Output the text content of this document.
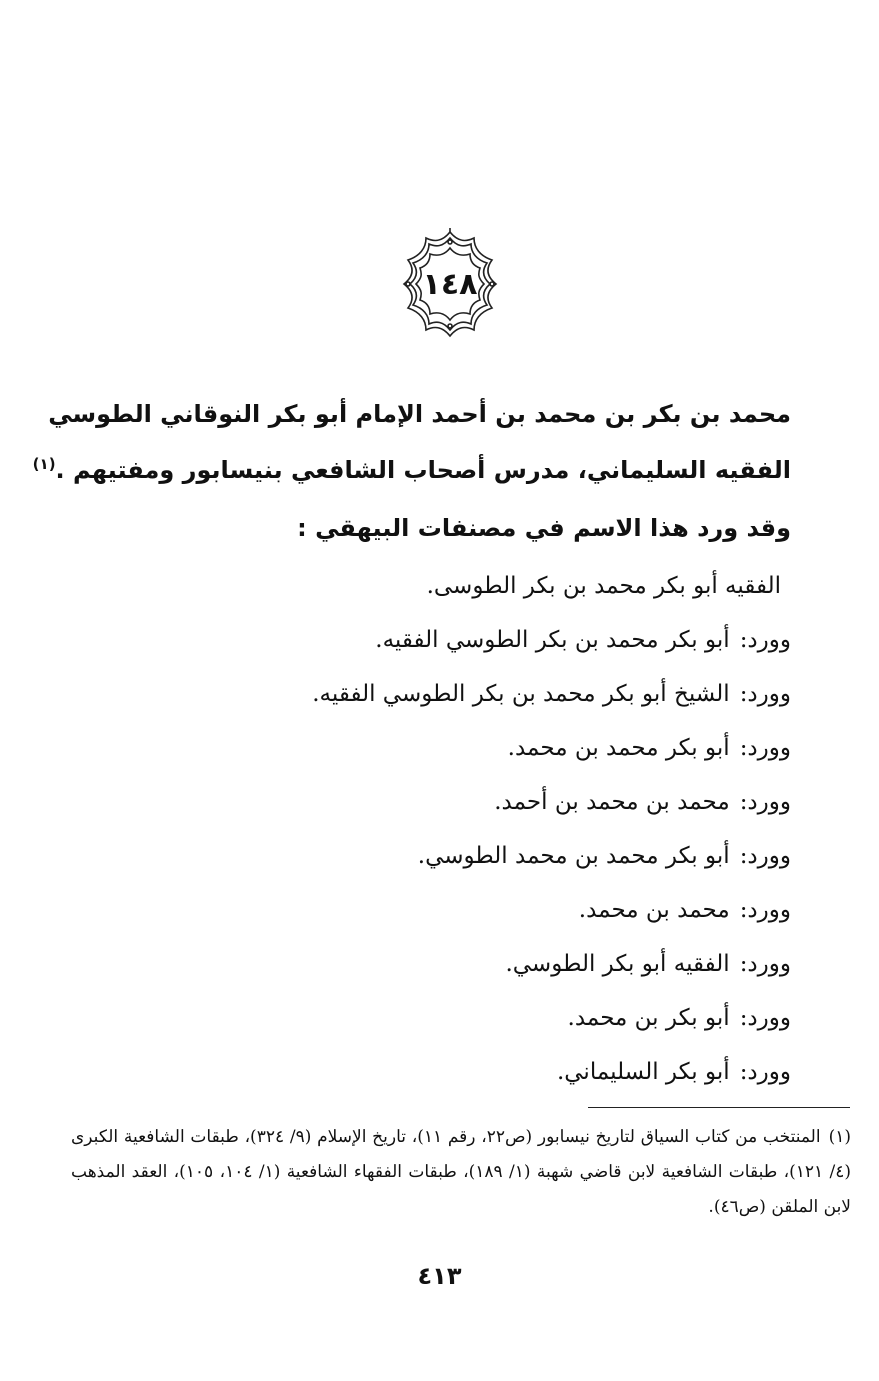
١٤٨
محمد بن بكر بن محمد بن أحمد الإمام أبو بكر النوقاني الطوسي
الفقيه السليماني، مدرس أصحاب الشافعي بنيسابور ومفتيهم .$^{(١)}$
وقد ورد هذا الاسم في مصنفات البيهقي :
الفقيه أبو بكر محمد بن بكر الطوسى.
وورد:أبو بكر محمد بن بكر الطوسي الفقيه.
وورد:الشيخ أبو بكر محمد بن بكر الطوسي الفقيه.
وورد:أبو بكر محمد بن محمد.
وورد:محمد بن محمد بن أحمد.
وورد:أبو بكر محمد بن محمد الطوسي.
وورد:محمد بن محمد.
وورد:الفقيه أبو بكر الطوسي.
وورد:أبو بكر بن محمد.
وورد:أبو بكر السليماني.

(١)المنتخب من كتاب السياق لتاريخ نيسابور (ص٢٢، رقم ١١)، تاريخ الإسلام (٩/ ٣٢٤)، طبقات الشافعية الكبرى (٤/ ١٢١)، طبقات الشافعية لابن قاضي شهبة (١/ ١٨٩)، طبقات الفقهاء الشافعية (١/ ١٠٤، ١٠٥)، العقد المذهب لابن الملقن (ص٤٦).

٤١٣
